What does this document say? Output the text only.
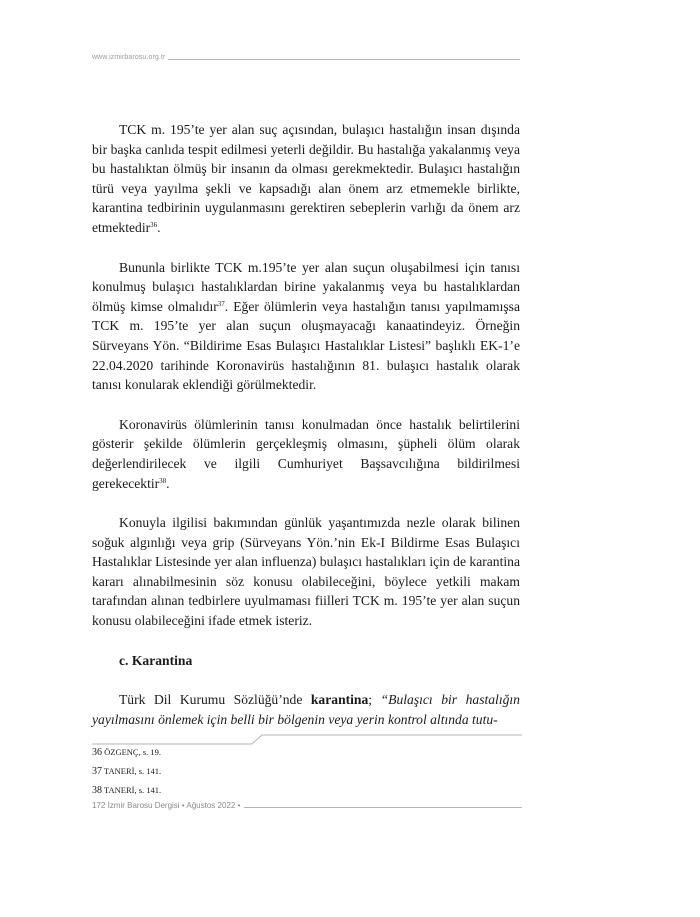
www.izmirbarosu.org.tr

TCK m. 195’te yer alan suç açısından, bulaşıcı hastalığın insan dışında bir başka canlıda tespit edilmesi yeterli değildir. Bu hastalığa yakalanmış veya bu hastalıktan ölmüş bir insanın da olması gerekmektedir. Bulaşıcı hastalığın türü veya yayılma şekli ve kapsadığı alan önem arz etmemekle birlikte, karantina tedbirinin uygulanmasını gerektiren sebeplerin varlığı da önem arz etmektedir$^{36}$.

Bununla birlikte TCK m.195’te yer alan suçun oluşabilmesi için tanısı konulmuş bulaşıcı hastalıklardan birine yakalanmış veya bu hastalıklardan ölmüş kimse olmalıdır$^{37}$. Eğer ölümlerin veya hastalığın tanısı yapılmamışsa TCK m. 195’te yer alan suçun oluşmayacağı kanaatindeyiz. Örneğin Sürveyans Yön. “Bildirime Esas Bulaşıcı Hastalıklar Listesi” başlıklı EK-1’e 22.04.2020 tarihinde Koronavirüs hastalığının 81. bulaşıcı hastalık olarak tanısı konularak eklendiği görülmektedir.

Koronavirüs ölümlerinin tanısı konulmadan önce hastalık belirtilerini gösterir şekilde ölümlerin gerçekleşmiş olmasını, şüpheli ölüm olarak değerlendirilecek ve ilgili Cumhuriyet Başsavcılığına bildirilmesi gerekecektir$^{38}$.

Konuyla ilgilisi bakımından günlük yaşantımızda nezle olarak bilinen soğuk algınlığı veya grip (Sürveyans Yön.’nin Ek-I Bildirme Esas Bulaşıcı Hastalıklar Listesinde yer alan influenza) bulaşıcı hastalıkları için de karantina kararı alınabilmesinin söz konusu olabileceğini, böylece yetkili makam tarafından alınan tedbirlere uyulmaması fiilleri TCK m. 195’te yer alan suçun konusu olabileceğini ifade etmek isteriz.

c. Karantina

Türk Dil Kurumu Sözlüğü’nde karantina; “Bulaşıcı bir hastalığın yayılmasını önlemek için belli bir bölgenin veya yerin kontrol altında tutu-

36 ÖZGENÇ, s. 19.
37 TANERİ, s. 141.
38 TANERİ, s. 141.
172 İzmir Barosu Dergisi • Ağustos 2022 •
